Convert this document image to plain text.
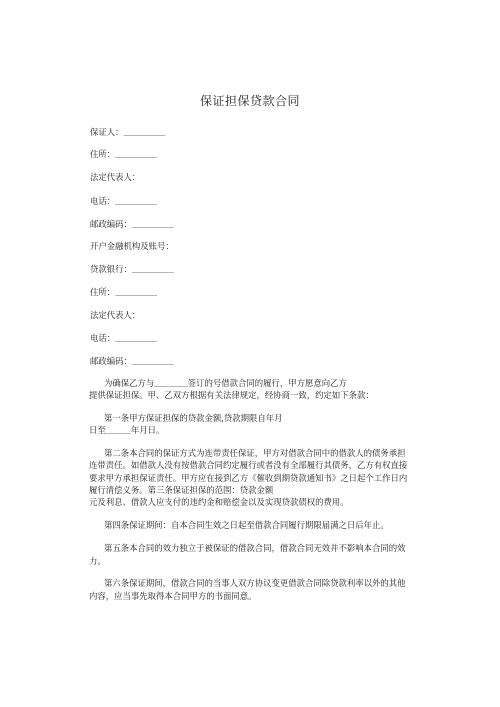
保证担保贷款合同
保证人：＿＿＿＿＿
住所：＿＿＿＿＿
法定代表人：
电话：＿＿＿＿＿
邮政编码：＿＿＿＿＿
开户金融机构及账号：
贷款银行：＿＿＿＿＿
住所：＿＿＿＿＿
法定代表人：
电话：＿＿＿＿＿
邮政编码：＿＿＿＿＿
为确保乙方与＿＿＿＿签订的号借款合同的履行，甲方愿意向乙方
提供保证担保。甲、乙双方根据有关法律规定，经协商一致，约定如下条款：
第一条甲方保证担保的贷款金额,贷款期限自年月
日至＿＿＿年月日。
第二条本合同的保证方式为连带责任保证，甲方对借款合同中的借款人的债务承担
连带责任。如借款人没有按借款合同约定履行或者没有全部履行其债务，乙方有权直接
要求甲方承担保证责任。甲方应在接到乙方《催收到期贷款通知书》之日起个工作日内
履行清偿义务。第三条保证担保的范围：贷款金额
元及利息、借款人应支付的违约金和赔偿金以及实现贷款债权的费用。
第四条保证期间：自本合同生效之日起至借款合同履行期限届满之日后年止。
第五条本合同的效力独立于被保证的借款合同，借款合同无效并不影响本合同的效
力。
第六条保证期间，借款合同的当事人双方协议变更借款合同除贷款利率以外的其他
内容，应当事先取得本合同甲方的书面同意。
